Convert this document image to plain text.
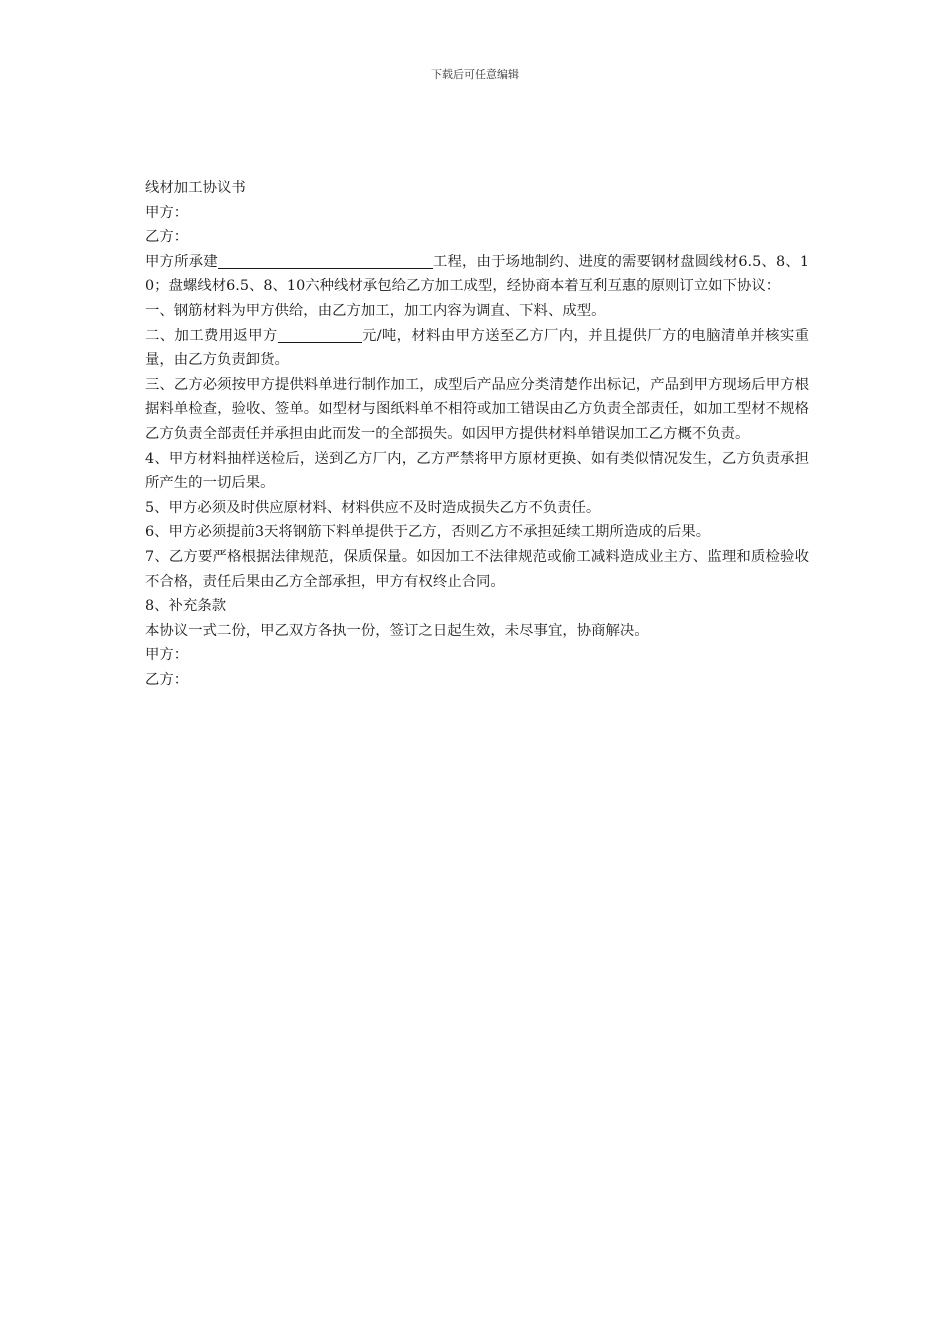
下载后可任意编辑

线材加工协议书

甲方：

乙方：

甲方所承建	工程，由于场地制约、进度的需要钢材盘圆线材6.5、8、10；盘螺线材6.5、8、10六种线材承包给乙方加工成型，经协商本着互利互惠的原则订立如下协议：

一、钢筋材料为甲方供给，由乙方加工，加工内容为调直、下料、成型。

二、加工费用返甲方	元/吨，材料由甲方送至乙方厂内，并且提供厂方的电脑清单并核实重量，由乙方负责卸货。

三、乙方必须按甲方提供料单进行制作加工，成型后产品应分类清楚作出标记，产品到甲方现场后甲方根据料单检查，验收、签单。如型材与图纸料单不相符或加工错误由乙方负责全部责任，如加工型材不规格乙方负责全部责任并承担由此而发一的全部损失。如因甲方提供材料单错误加工乙方概不负责。

4、甲方材料抽样送检后，送到乙方厂内，乙方严禁将甲方原材更换、如有类似情况发生，乙方负责承担所产生的一切后果。

5、甲方必须及时供应原材料、材料供应不及时造成损失乙方不负责任。

6、甲方必须提前3天将钢筋下料单提供于乙方，否则乙方不承担延续工期所造成的后果。

7、乙方要严格根据法律规范，保质保量。如因加工不法律规范或偷工减料造成业主方、监理和质检验收不合格，责任后果由乙方全部承担，甲方有权终止合同。

8、补充条款

本协议一式二份，甲乙双方各执一份，签订之日起生效，未尽事宜，协商解决。

甲方：

乙方：
